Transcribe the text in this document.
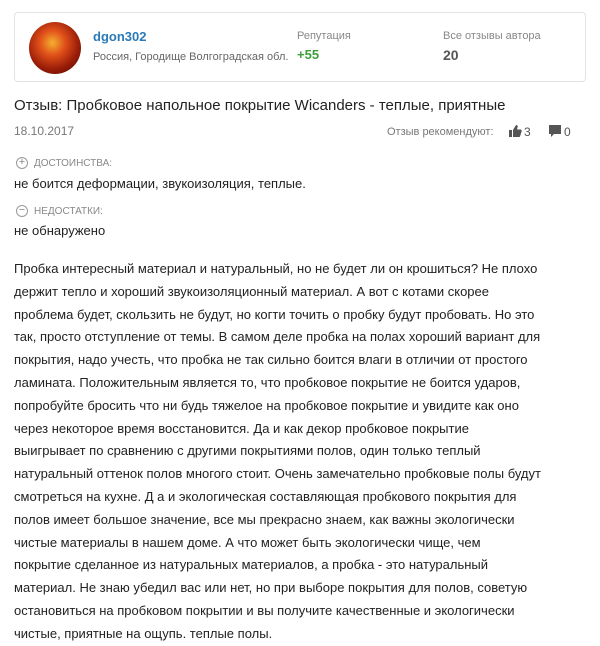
dgon302
Россия, Городище Волгоградская обл.
Репутация
+55
Все отзывы автора
20
Отзыв: Пробковое напольное покрытие Wicanders - теплые, приятные
18.10.2017	Отзыв рекомендуют:	3	0
+ ДОСТОИНСТВА:
не боится деформации, звукоизоляция, теплые.
− НЕДОСТАТКИ:
не обнаружено
Пробка интересный материал и натуральный, но не будет ли он крошиться? Не плохо
держит тепло и хороший звукоизоляционный материал. А вот с котами скорее
проблема будет, скользить не будут, но когти точить о пробку будут пробовать. Но это
так, просто отступление от темы. В самом деле пробка на полах хороший вариант для
покрытия, надо учесть, что пробка не так сильно боится влаги в отличии от простого
ламината. Положительным является то, что пробковое покрытие не боится ударов,
попробуйте бросить что ни будь тяжелое на пробковое покрытие и увидите как оно
через некоторое время восстановится. Да и как декор пробковое покрытие
выигрывает по сравнению с другими покрытиями полов, один только теплый
натуральный оттенок полов многого стоит. Очень замечательно пробковые полы будут
смотреться на кухне. Д а и экологическая составляющая пробкового покрытия для
полов имеет большое значение, все мы прекрасно знаем, как важны экологически
чистые материалы в нашем доме. А что может быть экологически чище, чем
покрытие сделанное из натуральных материалов, а пробка - это натуральный
материал. Не знаю убедил вас или нет, но при выборе покрытия для полов, советую
остановиться на пробковом покрытии и вы получите качественные и экологически
чистые, приятные на ощупь. теплые полы.
